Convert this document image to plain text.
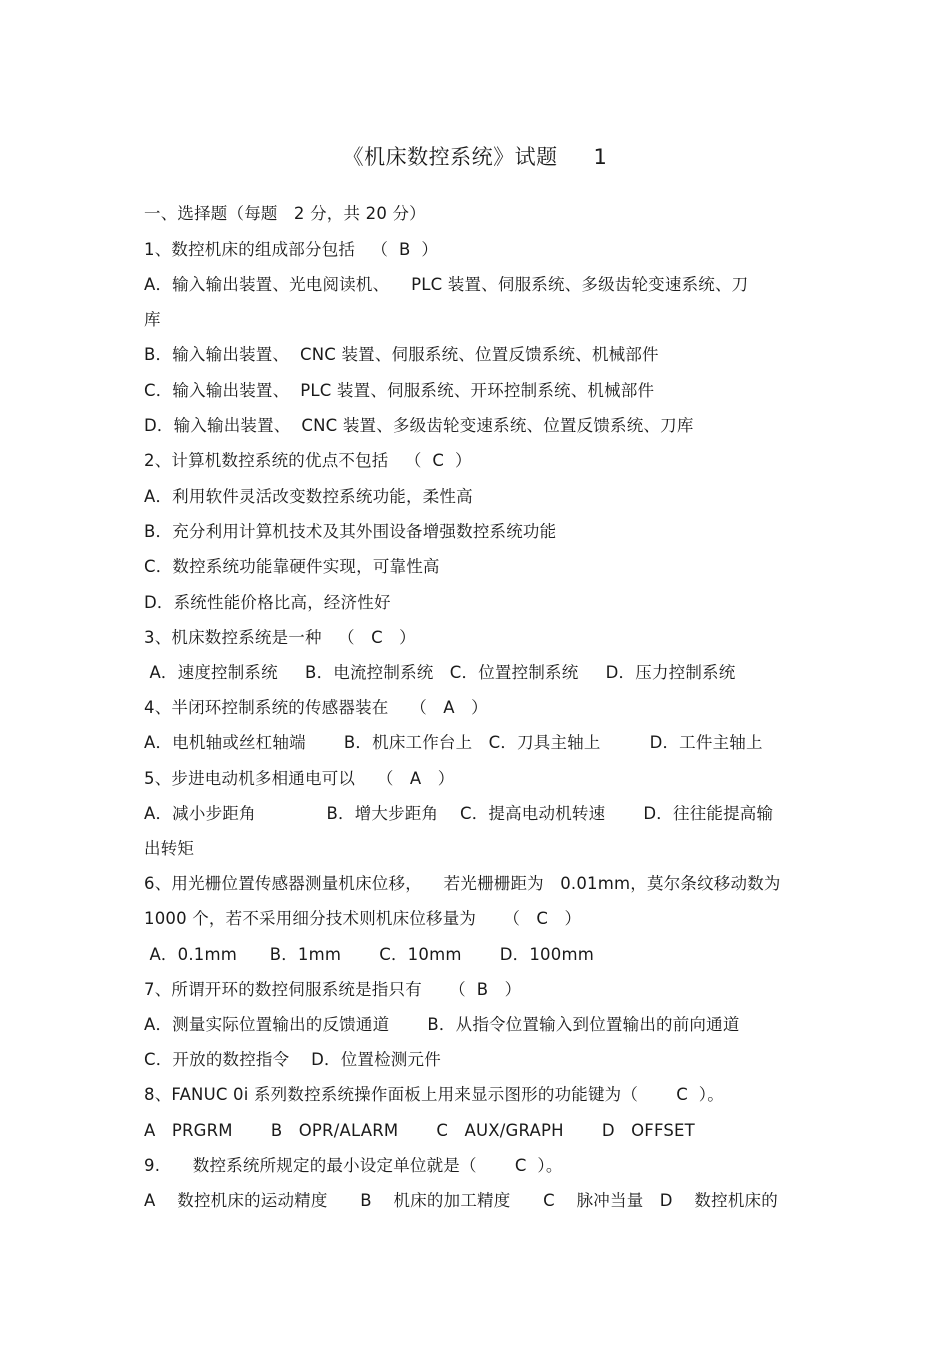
《机床数控系统》试题     1
一、选择题（每题   2 分，共 20 分）
1、数控机床的组成部分包括   （  B  ）
A．输入输出装置、光电阅读机、    PLC 装置、伺服系统、多级齿轮变速系统、刀
库
B．输入输出装置、  CNC 装置、伺服系统、位置反馈系统、机械部件
C．输入输出装置、  PLC 装置、伺服系统、开环控制系统、机械部件
D．输入输出装置、  CNC 装置、多级齿轮变速系统、位置反馈系统、刀库
2、计算机数控系统的优点不包括   （  C  ）
A．利用软件灵活改变数控系统功能，柔性高
B．充分利用计算机技术及其外围设备增强数控系统功能
C．数控系统功能靠硬件实现，可靠性高
D．系统性能价格比高，经济性好
3、机床数控系统是一种   （   C   ）
A．速度控制系统     B．电流控制系统   C．位置控制系统     D．压力控制系统
4、半闭环控制系统的传感器装在    （   A   ）
A．电机轴或丝杠轴端       B．机床工作台上   C．刀具主轴上         D．工件主轴上
5、步进电动机多相通电可以    （   A   ）
A．减小步距角             B．增大步距角    C．提高电动机转速       D．往往能提高输
出转矩
6、用光栅位置传感器测量机床位移，    若光栅栅距为   0.01mm，莫尔条纹移动数为
1000 个，若不采用细分技术则机床位移量为     （   C   ）
A．0.1mm      B．1mm       C．10mm       D．100mm
7、所谓开环的数控伺服系统是指只有     （  B   ）
A．测量实际位置输出的反馈通道       B．从指令位置输入到位置输出的前向通道
C．开放的数控指令    D．位置检测元件
8、FANUC 0i 系列数控系统操作面板上用来显示图形的功能键为（       C  ）。
A   PRGRM       B   OPR/ALARM       C   AUX/GRAPH       D   OFFSET
9.      数控系统所规定的最小设定单位就是（       C  ）。
A    数控机床的运动精度      B    机床的加工精度      C    脉冲当量   D    数控机床的
